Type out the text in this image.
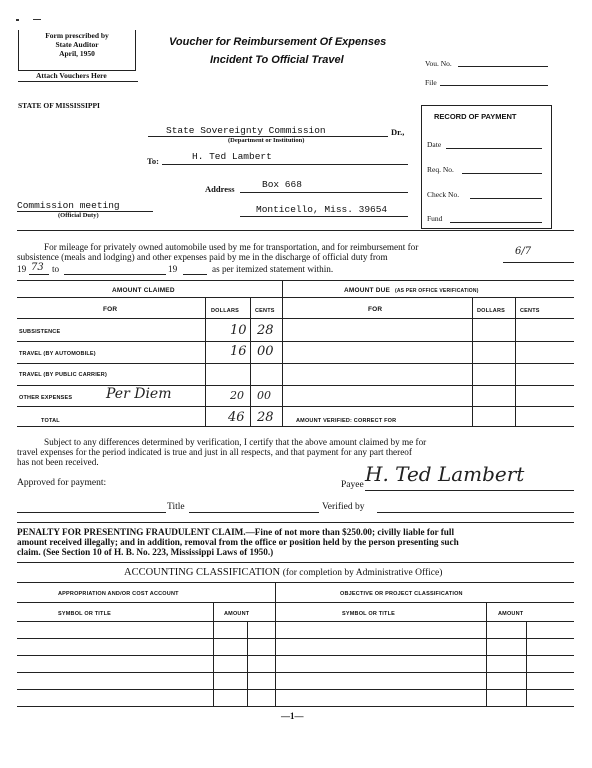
Form prescribed by
State Auditor
April, 1950
Attach Vouchers Here
Voucher for Reimbursement Of Expenses
Incident To Official Travel	Vou. No.
File
STATE OF MISSISSIPPI
RECORD OF PAYMENT
Date
Req. No.
Check No.
Fund
State Sovereignty Commission	Dr.,
(Department or Institution)
To:	H. Ted Lambert
Address	Box 668
Monticello, Miss. 39654
Commission meeting
(Official Duty)
For mileage for privately owned automobile used by me for transportation, and for reimbursement for
subsistence (meals and lodging) and other expenses paid by me in the discharge of official duty from	6/7
19 73 to	19	as per itemized statement within.
AMOUNT CLAIMED	AMOUNT DUE (AS PER OFFICE VERIFICATION)
FOR	DOLLARS	CENTS	FOR	DOLLARS	CENTS
SUBSISTENCE	10 28
TRAVEL (BY AUTOMOBILE)	16 00
TRAVEL (BY PUBLIC CARRIER)
OTHER EXPENSES Per Diem	20 00
TOTAL	46 28	AMOUNT VERIFIED: CORRECT FOR
Subject to any differences determined by verification, I certify that the above amount claimed by me for
travel expenses for the period indicated is true and just in all respects, and that payment for any part thereof
has not been received.
Approved for payment:	Payee H. Ted Lambert
Title	Verified by
PENALTY FOR PRESENTING FRAUDULENT CLAIM.—Fine of not more than $250.00; civilly liable for full
amount received illegally; and in addition, removal from the office or position held by the person presenting such
claim. (See Section 10 of H. B. No. 223, Mississippi Laws of 1950.)
ACCOUNTING CLASSIFICATION (for completion by Administrative Office)
APPROPRIATION AND/OR COST ACCOUNT	OBJECTIVE OR PROJECT CLASSIFICATION
SYMBOL OR TITLE	AMOUNT	SYMBOL OR TITLE	AMOUNT
—1—
